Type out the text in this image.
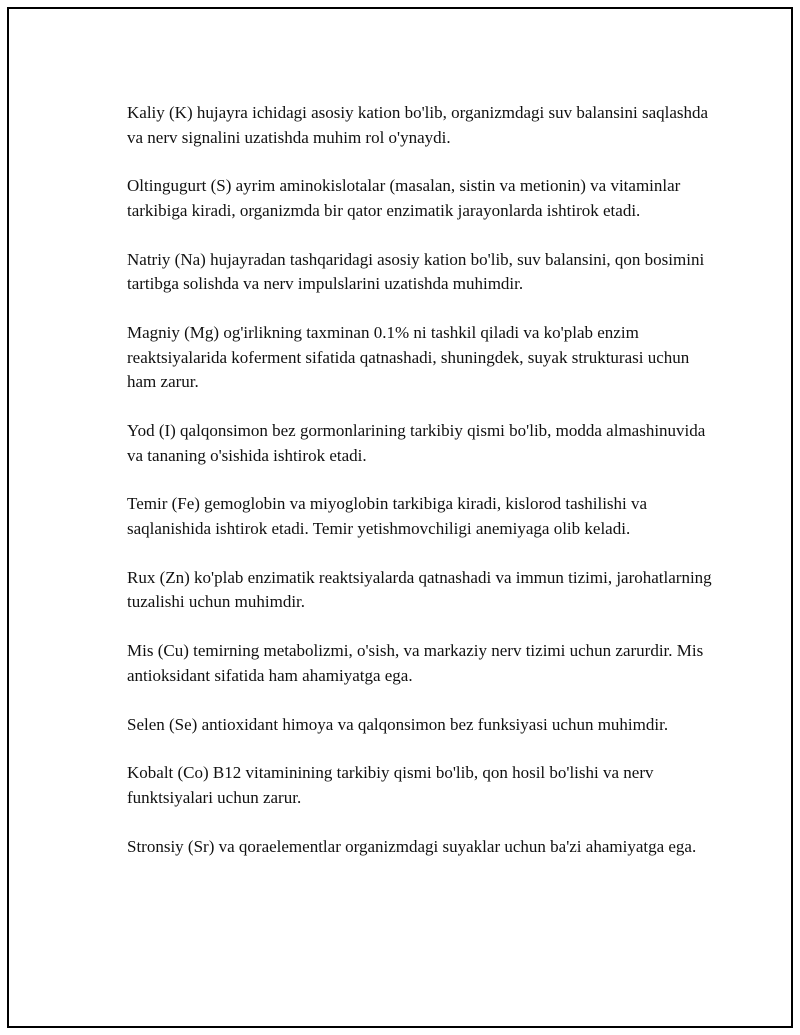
Kaliy (K) hujayra ichidagi asosiy kation bo'lib, organizmdagi suv balansini saqlashda va nerv signalini uzatishda muhim rol o'ynaydi.

Oltingugurt (S) ayrim aminokislotalar (masalan, sistin va metionin) va vitaminlar tarkibiga kiradi, organizmda bir qator enzimatik jarayonlarda ishtirok etadi.

Natriy (Na) hujayradan tashqaridagi asosiy kation bo'lib, suv balansini, qon bosimini tartibga solishda va nerv impulslarini uzatishda muhimdir.

Magniy (Mg) og'irlikning taxminan 0.1% ni tashkil qiladi va ko'plab enzim reaktsiyalarida koferment sifatida qatnashadi, shuningdek, suyak strukturasi uchun ham zarur.

Yod (I) qalqonsimon bez gormonlarining tarkibiy qismi bo'lib, modda almashinuvida va tananing o'sishida ishtirok etadi.

Temir (Fe) gemoglobin va miyoglobin tarkibiga kiradi, kislorod tashilishi va saqlanishida ishtirok etadi. Temir yetishmovchiligi anemiyaga olib keladi.

Rux (Zn) ko'plab enzimatik reaktsiyalarda qatnashadi va immun tizimi, jarohatlarning tuzalishi uchun muhimdir.

Mis (Cu) temirning metabolizmi, o'sish, va markaziy nerv tizimi uchun zarurdir. Mis antioksidant sifatida ham ahamiyatga ega.

Selen (Se) antioxidant himoya va qalqonsimon bez funksiyasi uchun muhimdir.

Kobalt (Co) B12 vitaminining tarkibiy qismi bo'lib, qon hosil bo'lishi va nerv funktsiyalari uchun zarur.

Stronsiy (Sr) va qoraelementlar organizmdagi suyaklar uchun ba'zi ahamiyatga ega.
